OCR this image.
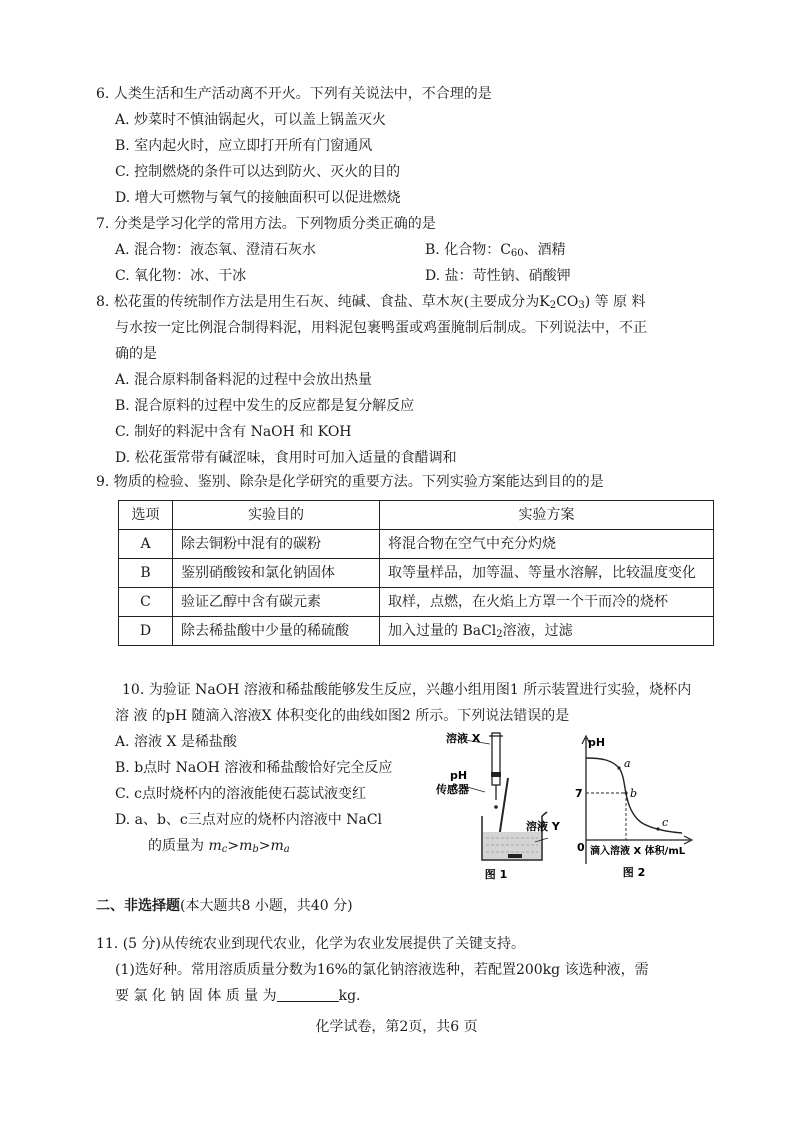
6. 人类生活和生产活动离不开火。下列有关说法中，不合理的是
A. 炒菜时不慎油锅起火，可以盖上锅盖灭火
B. 室内起火时，应立即打开所有门窗通风
C. 控制燃烧的条件可以达到防火、灭火的目的
D. 增大可燃物与氧气的接触面积可以促进燃烧
7. 分类是学习化学的常用方法。下列物质分类正确的是
A. 混合物：液态氧、澄清石灰水	B. 化合物：$C_{60}$、酒精
C. 氧化物：冰、干冰	D. 盐：苛性钠、硝酸钾
8. 松花蛋的传统制作方法是用生石灰、纯碱、食盐、草木灰(主要成分为$K_2CO_3$) 等 原 料
与水按一定比例混合制得料泥，用料泥包裹鸭蛋或鸡蛋腌制后制成。下列说法中，不正
确的是
A. 混合原料制备料泥的过程中会放出热量
B. 混合原料的过程中发生的反应都是复分解反应
C. 制好的料泥中含有 NaOH 和 KOH
D. 松花蛋常带有碱涩味，食用时可加入适量的食醋调和
9. 物质的检验、鉴别、除杂是化学研究的重要方法。下列实验方案能达到目的的是
选项	实验目的	实验方案
A	除去铜粉中混有的碳粉	将混合物在空气中充分灼烧
B	鉴别硝酸铵和氯化钠固体	取等量样品，加等温、等量水溶解，比较温度变化
C	验证乙醇中含有碳元素	取样，点燃，在火焰上方罩一个干而冷的烧杯
D	除去稀盐酸中少量的稀硫酸	加入过量的 BaCl$_2$溶液，过滤
10. 为验证 NaOH 溶液和稀盐酸能够发生反应，兴趣小组用图1 所示装置进行实验，烧杯内
溶 液 的pH 随滴入溶液X 体积变化的曲线如图2 所示。下列说法错误的是
A. 溶液 X 是稀盐酸
B. b点时 NaOH 溶液和稀盐酸恰好完全反应
C. c点时烧杯内的溶液能使石蕊试液变红
D. a、b、c三点对应的烧杯内溶液中 NaCl
的质量为 $m_c>m_b>m_a$
溶液 X
pH
传感器
溶液 Y
图 1
pH
7
0
a
b
c
滴入溶液 X 体积/mL
图 2
二、非选择题(本大题共8 小题，共40 分)
11. (5 分)从传统农业到现代农业，化学为农业发展提供了关键支持。
(1)选好种。常用溶质质量分数为16%的氯化钠溶液选种，若配置200kg 该选种液，需
要 氯 化 钠 固 体 质 量 为	kg.
化学试卷，第2页，共6 页
